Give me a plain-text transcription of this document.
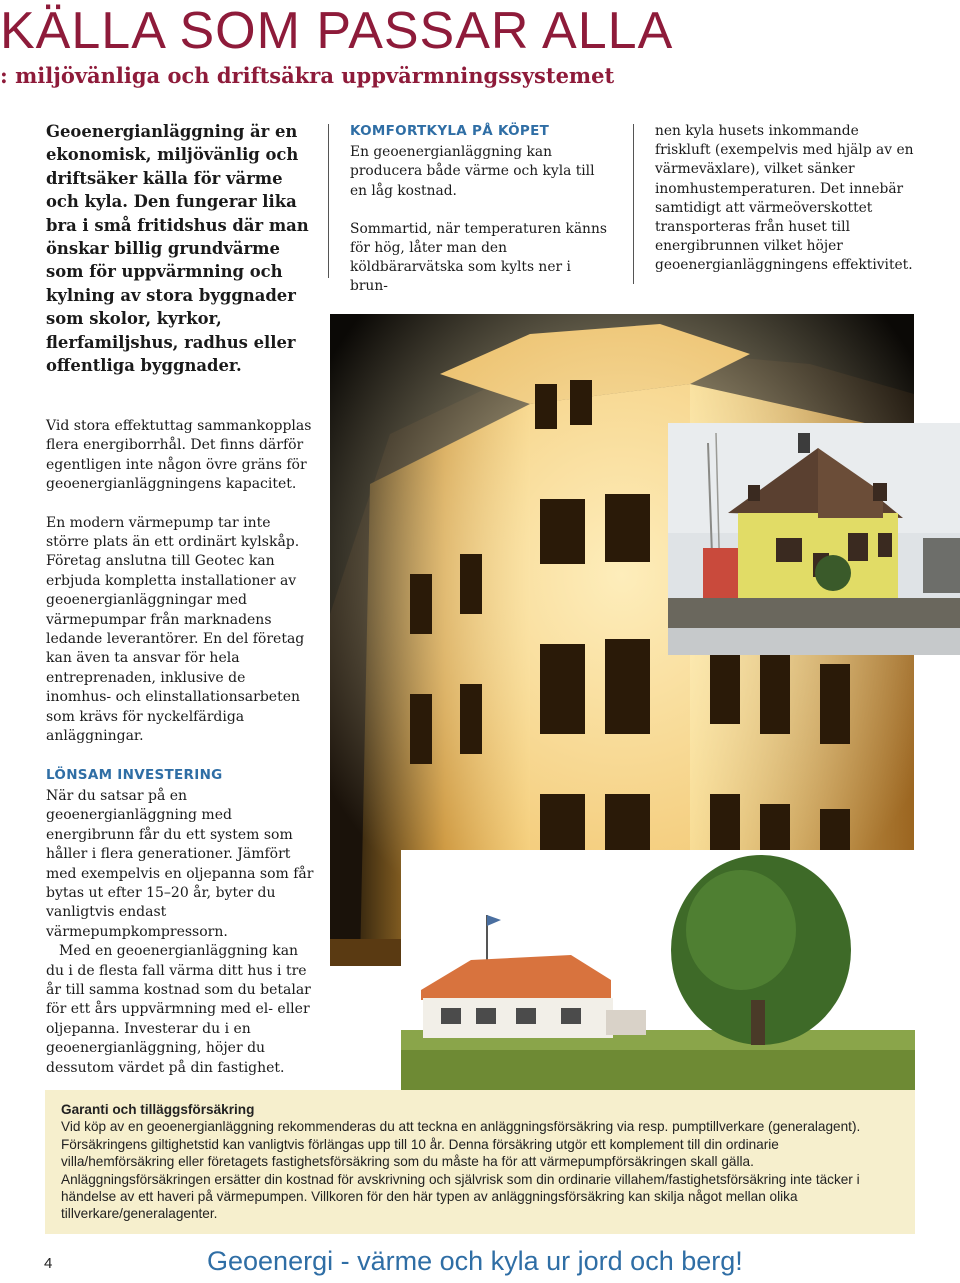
KÄLLA SOM PASSAR ALLA
: miljövänliga och driftsäkra uppvärmningssystemet

Geoenergianläggning är en ekonomisk, miljövänlig och driftsäker källa för värme och kyla. Den fungerar lika bra i små fritidshus där man önskar billig grundvärme som för uppvärmning och kylning av stora byggnader som skolor, kyrkor, flerfamiljshus, radhus eller offentliga byggnader.

Vid stora effektuttag sammankopplas flera energiborrhål. Det finns därför egentligen inte någon övre gräns för geoenergianläggningens kapacitet.

En modern värmepump tar inte större plats än ett ordinärt kylskåp. Företag anslutna till Geotec kan erbjuda kompletta installationer av geoenergianläggningar med värmepumpar från marknadens ledande leverantörer. En del företag kan även ta ansvar för hela entreprenaden, inklusive de inomhus- och elinstallationsarbeten som krävs för nyckelfärdiga anläggningar.

LÖNSAM INVESTERING

När du satsar på en geoenergianläggning med energibrunn får du ett system som håller i flera generationer. Jämfört med exempelvis en oljepanna som får bytas ut efter 15–20 år, byter du vanligtvis endast värmepumpkompressorn.

Med en geoenergianläggning kan du i de flesta fall värma ditt hus i tre år till samma kostnad som du betalar för ett års uppvärmning med el- eller oljepanna. Investerar du i en geoenergianläggning, höjer du dessutom värdet på din fastighet.

KOMFORTKYLA PÅ KÖPET

En geoenergianläggning kan producera både värme och kyla till en låg kostnad.

Sommartid, när temperaturen känns för hög, låter man den köldbärarvätska som kylts ner i brun-

nen kyla husets inkommande friskluft (exempelvis med hjälp av en värmeväxlare), vilket sänker inomhustemperaturen. Det innebär samtidigt att värmeöverskottet transporteras från huset till energibrunnen vilket höjer geoenergianläggningens effektivitet.

Garanti och tilläggsförsäkring

Vid köp av en geoenergianläggning rekommenderas du att teckna en anläggningsförsäkring via resp. pumptillverkare (generalagent). Försäkringens giltighetstid kan vanligtvis förlängas upp till 10 år. Denna försäkring utgör ett komplement till din ordinarie villa/hemförsäkring eller företagets fastighetsförsäkring som du måste ha för att värmepumpförsäkringen skall gälla. Anläggningsförsäkringen ersätter din kostnad för avskrivning och självrisk som din ordinarie villahem/fastighetsförsäkring inte täcker i händelse av ett haveri på värmepumpen. Villkoren för den här typen av anläggningsförsäkring kan skilja något mellan olika tillverkare/generalagenter.

4	Geoenergi - värme och kyla ur jord och berg!
